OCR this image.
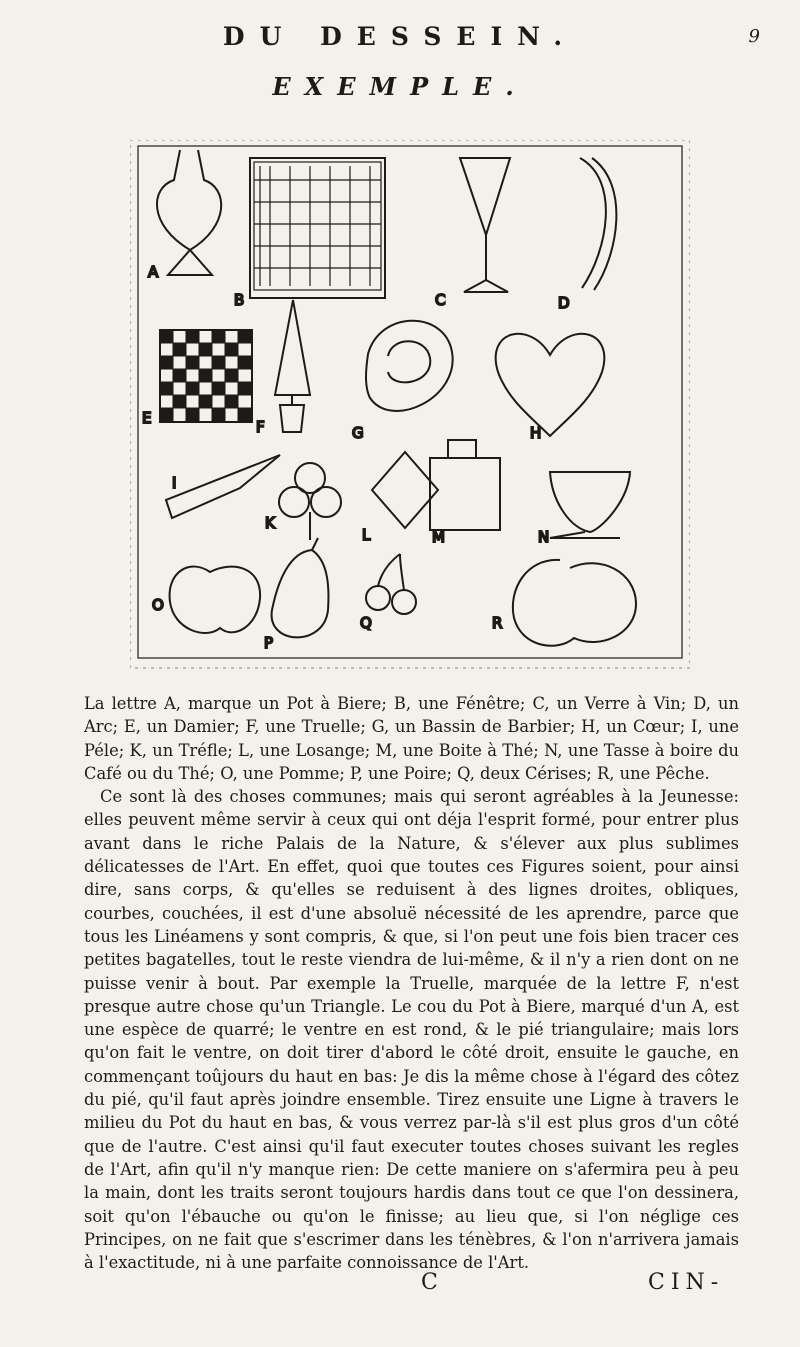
DU DESSEIN.	9
EXEMPLE.
A
B	C	D
E	F	G	H
I
K
L	M	N
O
P
Q	R

La lettre A, marque un Pot à Biere; B, une Fénêtre; C, un Verre à Vin; D, un Arc; E, un Damier; F, une Truelle; G, un Bassin de Barbier; H, un Cœur; I, une Péle; K, un Tréfle; L, une Losange; M, une Boite à Thé; N, une Tasse à boire du Café ou du Thé; O, une Pomme; P, une Poire; Q, deux Cérises; R, une Pêche.

Ce sont là des choses communes; mais qui seront agréables à la Jeunesse: elles peuvent même servir à ceux qui ont déja l'esprit formé, pour entrer plus avant dans le riche Palais de la Nature, & s'élever aux plus sublimes délicatesses de l'Art. En effet, quoi que toutes ces Figures soient, pour ainsi dire, sans corps, & qu'elles se reduisent à des lignes droites, obliques, courbes, couchées, il est d'une absoluë nécessité de les aprendre, parce que tous les Linéamens y sont compris, & que, si l'on peut une fois bien tracer ces petites bagatelles, tout le reste viendra de lui-même, & il n'y a rien dont on ne puisse venir à bout. Par exemple la Truelle, marquée de la lettre F, n'est presque autre chose qu'un Triangle. Le cou du Pot à Biere, marqué d'un A, est une espèce de quarré; le ventre en est rond, & le pié triangulaire; mais lors qu'on fait le ventre, on doit tirer d'abord le côté droit, ensuite le gauche, en commençant toûjours du haut en bas: Je dis la même chose à l'égard des côtez du pié, qu'il faut après joindre ensemble. Tirez ensuite une Ligne à travers le milieu du Pot du haut en bas, & vous verrez par-là s'il est plus gros d'un côté que de l'autre. C'est ainsi qu'il faut executer toutes choses suivant les regles de l'Art, afin qu'il n'y manque rien: De cette maniere on s'afermira peu à peu la main, dont les traits seront toujours hardis dans tout ce que l'on dessinera, soit qu'on l'ébauche ou qu'on le finisse; au lieu que, si l'on néglige ces Principes, on ne fait que s'escrimer dans les ténèbres, & l'on n'arrivera jamais à l'exactitude, ni à une parfaite connoissance de l'Art.

C	CIN-
